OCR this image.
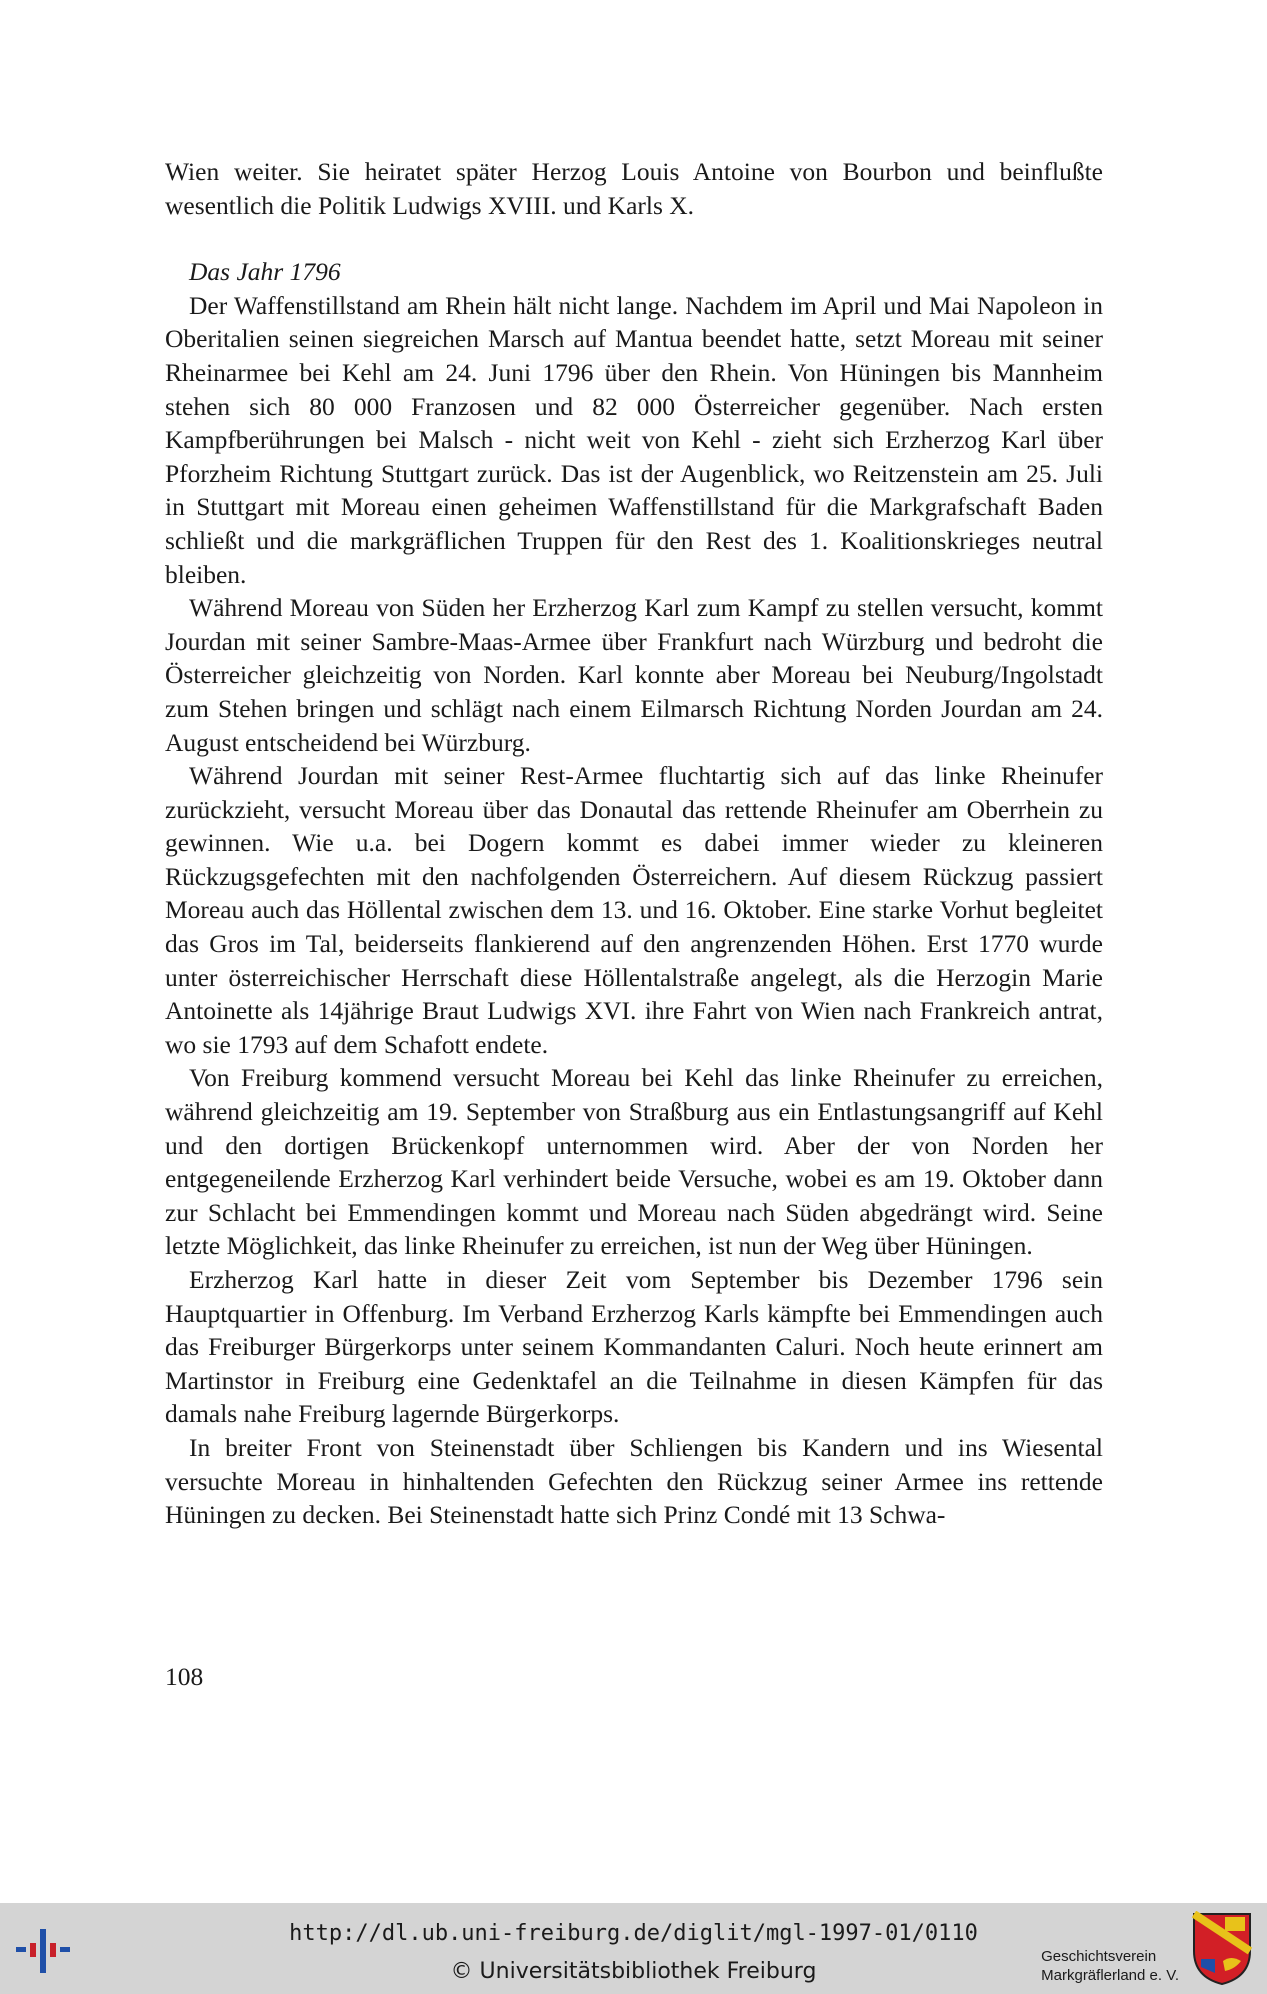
Wien weiter. Sie heiratet später Herzog Louis Antoine von Bourbon und beinflußte wesentlich die Politik Ludwigs XVIII. und Karls X.

Das Jahr 1796

Der Waffenstillstand am Rhein hält nicht lange. Nachdem im April und Mai Napoleon in Oberitalien seinen siegreichen Marsch auf Mantua beendet hatte, setzt Moreau mit seiner Rheinarmee bei Kehl am 24. Juni 1796 über den Rhein. Von Hüningen bis Mannheim stehen sich 80 000 Franzosen und 82 000 Österreicher gegenüber. Nach ersten Kampfberührungen bei Malsch - nicht weit von Kehl - zieht sich Erzherzog Karl über Pforzheim Richtung Stuttgart zurück. Das ist der Augenblick, wo Reitzenstein am 25. Juli in Stuttgart mit Moreau einen geheimen Waffenstillstand für die Markgrafschaft Baden schließt und die markgräflichen Truppen für den Rest des 1. Koalitionskrieges neutral bleiben.

Während Moreau von Süden her Erzherzog Karl zum Kampf zu stellen versucht, kommt Jourdan mit seiner Sambre-Maas-Armee über Frankfurt nach Würzburg und bedroht die Österreicher gleichzeitig von Norden. Karl konnte aber Moreau bei Neuburg/Ingolstadt zum Stehen bringen und schlägt nach einem Eilmarsch Richtung Norden Jourdan am 24. August entscheidend bei Würzburg.

Während Jourdan mit seiner Rest-Armee fluchtartig sich auf das linke Rheinufer zurückzieht, versucht Moreau über das Donautal das rettende Rheinufer am Oberrhein zu gewinnen. Wie u.a. bei Dogern kommt es dabei immer wieder zu kleineren Rückzugsgefechten mit den nachfolgenden Österreichern. Auf diesem Rückzug passiert Moreau auch das Höllental zwischen dem 13. und 16. Oktober. Eine starke Vorhut begleitet das Gros im Tal, beiderseits flankierend auf den angrenzenden Höhen. Erst 1770 wurde unter österreichischer Herrschaft diese Höllentalstraße angelegt, als die Herzogin Marie Antoinette als 14jährige Braut Ludwigs XVI. ihre Fahrt von Wien nach Frankreich antrat, wo sie 1793 auf dem Schafott endete.

Von Freiburg kommend versucht Moreau bei Kehl das linke Rheinufer zu erreichen, während gleichzeitig am 19. September von Straßburg aus ein Entlastungsangriff auf Kehl und den dortigen Brückenkopf unternommen wird. Aber der von Norden her entgegeneilende Erzherzog Karl verhindert beide Versuche, wobei es am 19. Oktober dann zur Schlacht bei Emmendingen kommt und Moreau nach Süden abgedrängt wird. Seine letzte Möglichkeit, das linke Rheinufer zu erreichen, ist nun der Weg über Hüningen.

Erzherzog Karl hatte in dieser Zeit vom September bis Dezember 1796 sein Hauptquartier in Offenburg. Im Verband Erzherzog Karls kämpfte bei Emmendingen auch das Freiburger Bürgerkorps unter seinem Kommandanten Caluri. Noch heute erinnert am Martinstor in Freiburg eine Gedenktafel an die Teilnahme in diesen Kämpfen für das damals nahe Freiburg lagernde Bürgerkorps.

In breiter Front von Steinenstadt über Schliengen bis Kandern und ins Wiesental versuchte Moreau in hinhaltenden Gefechten den Rückzug seiner Armee ins rettende Hüningen zu decken. Bei Steinenstadt hatte sich Prinz Condé mit 13 Schwa-

108
http://dl.ub.uni-freiburg.de/diglit/mgl-1997-01/0110
© Universitätsbibliothek Freiburg
Geschichtsverein
Markgräflerland e. V.
